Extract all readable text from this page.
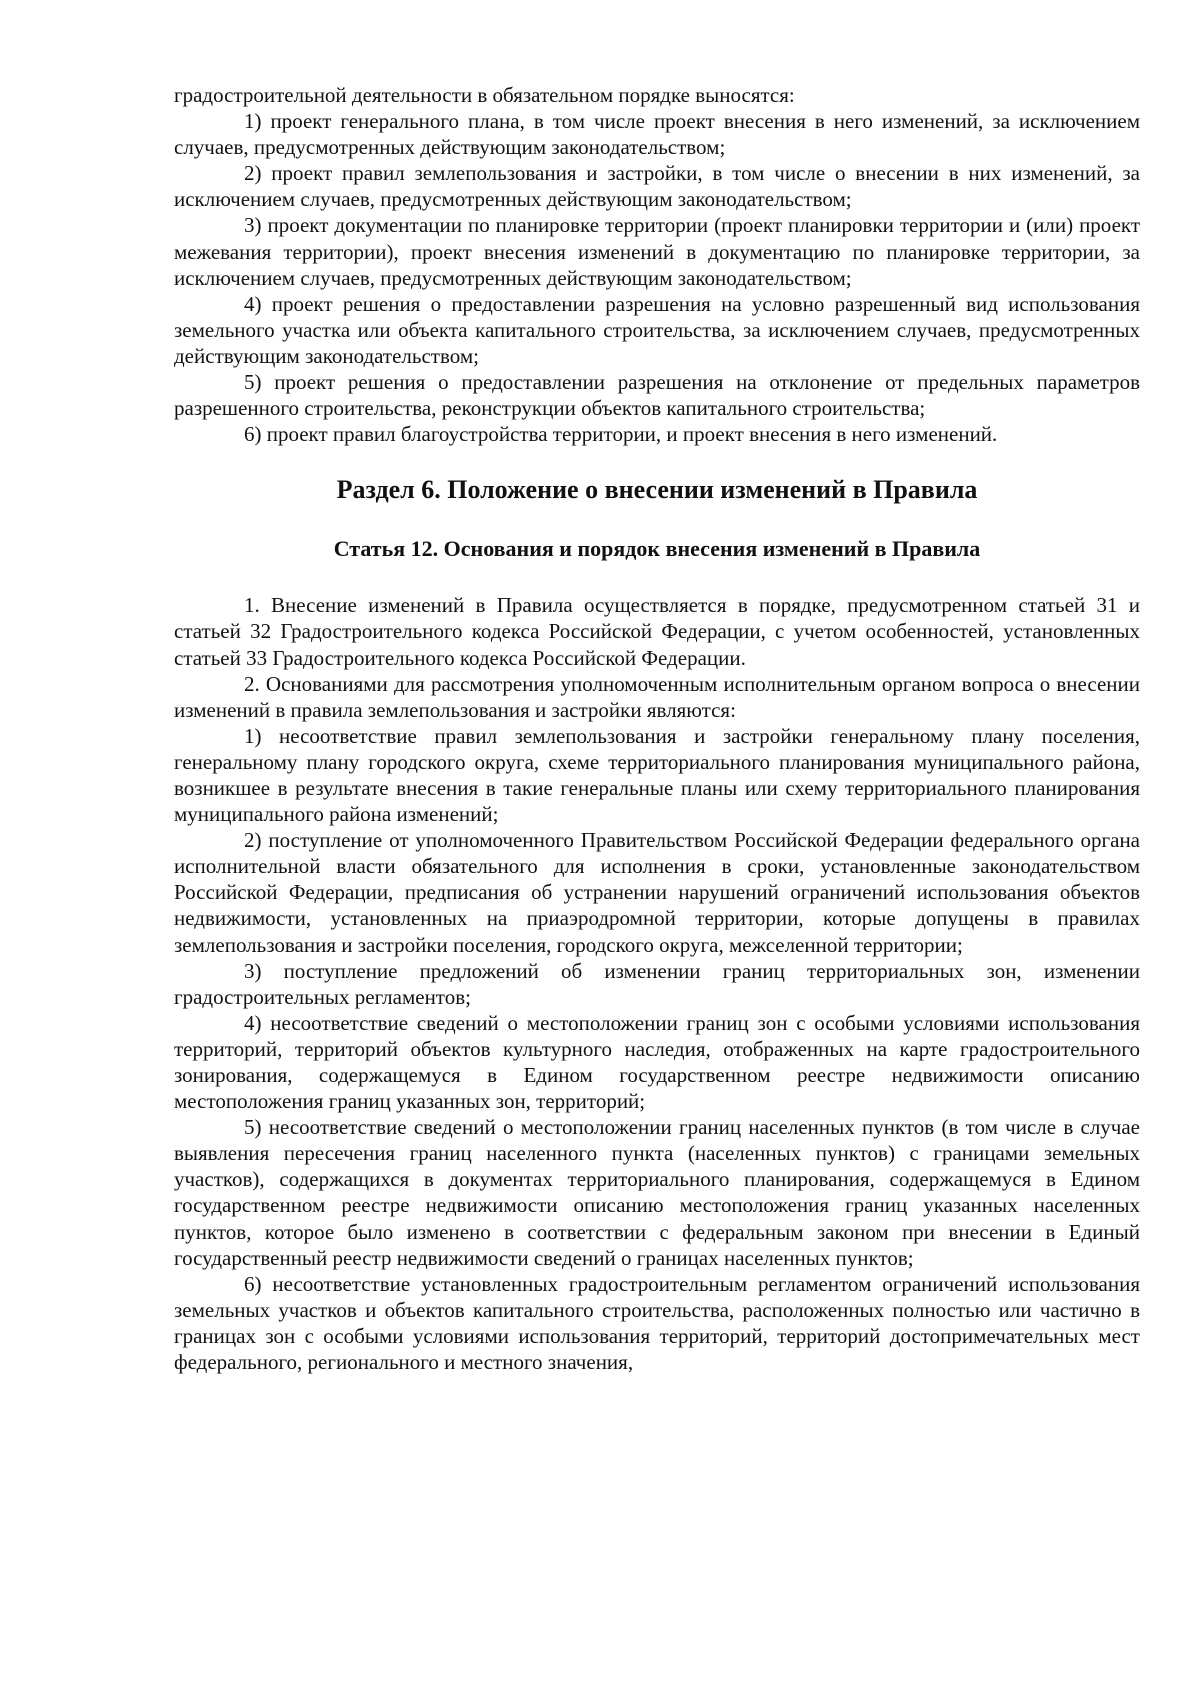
градостроительной деятельности в обязательном порядке выносятся:

1) проект генерального плана, в том числе проект внесения в него изменений, за исключением случаев, предусмотренных действующим законодательством;

2) проект правил землепользования и застройки, в том числе о внесении в них изменений, за исключением случаев, предусмотренных действующим законодательством;

3) проект документации по планировке территории (проект планировки территории и (или) проект межевания территории), проект внесения изменений в документацию по планировке территории, за исключением случаев, предусмотренных действующим законодательством;

4) проект решения о предоставлении разрешения на условно разрешенный вид использования земельного участка или объекта капитального строительства, за исключением случаев, предусмотренных действующим законодательством;

5) проект решения о предоставлении разрешения на отклонение от предельных параметров разрешенного строительства, реконструкции объектов капитального строительства;

6) проект правил благоустройства территории, и проект внесения в него изменений.

Раздел 6. Положение о внесении изменений в Правила
Статья 12. Основания и порядок внесения изменений в Правила

1. Внесение изменений в Правила осуществляется в порядке, предусмотренном статьей 31 и статьей 32 Градостроительного кодекса Российской Федерации, с учетом особенностей, установленных статьей 33 Градостроительного кодекса Российской Федерации.

2. Основаниями для рассмотрения уполномоченным исполнительным органом вопроса о внесении изменений в правила землепользования и застройки являются:

1) несоответствие правил землепользования и застройки генеральному плану поселения, генеральному плану городского округа, схеме территориального планирования муниципального района, возникшее в результате внесения в такие генеральные планы или схему территориального планирования муниципального района изменений;

2) поступление от уполномоченного Правительством Российской Федерации федерального органа исполнительной власти обязательного для исполнения в сроки, установленные законодательством Российской Федерации, предписания об устранении нарушений ограничений использования объектов недвижимости, установленных на приаэродромной территории, которые допущены в правилах землепользования и застройки поселения, городского округа, межселенной территории;

3) поступление предложений об изменении границ территориальных зон, изменении градостроительных регламентов;

4) несоответствие сведений о местоположении границ зон с особыми условиями использования территорий, территорий объектов культурного наследия, отображенных на карте градостроительного зонирования, содержащемуся в Едином государственном реестре недвижимости описанию местоположения границ указанных зон, территорий;

5) несоответствие сведений о местоположении границ населенных пунктов (в том числе в случае выявления пересечения границ населенного пункта (населенных пунктов) с границами земельных участков), содержащихся в документах территориального планирования, содержащемуся в Едином государственном реестре недвижимости описанию местоположения границ указанных населенных пунктов, которое было изменено в соответствии с федеральным законом при внесении в Единый государственный реестр недвижимости сведений о границах населенных пунктов;

6) несоответствие установленных градостроительным регламентом ограничений использования земельных участков и объектов капитального строительства, расположенных полностью или частично в границах зон с особыми условиями использования территорий, территорий достопримечательных мест федерального, регионального и местного значения,
